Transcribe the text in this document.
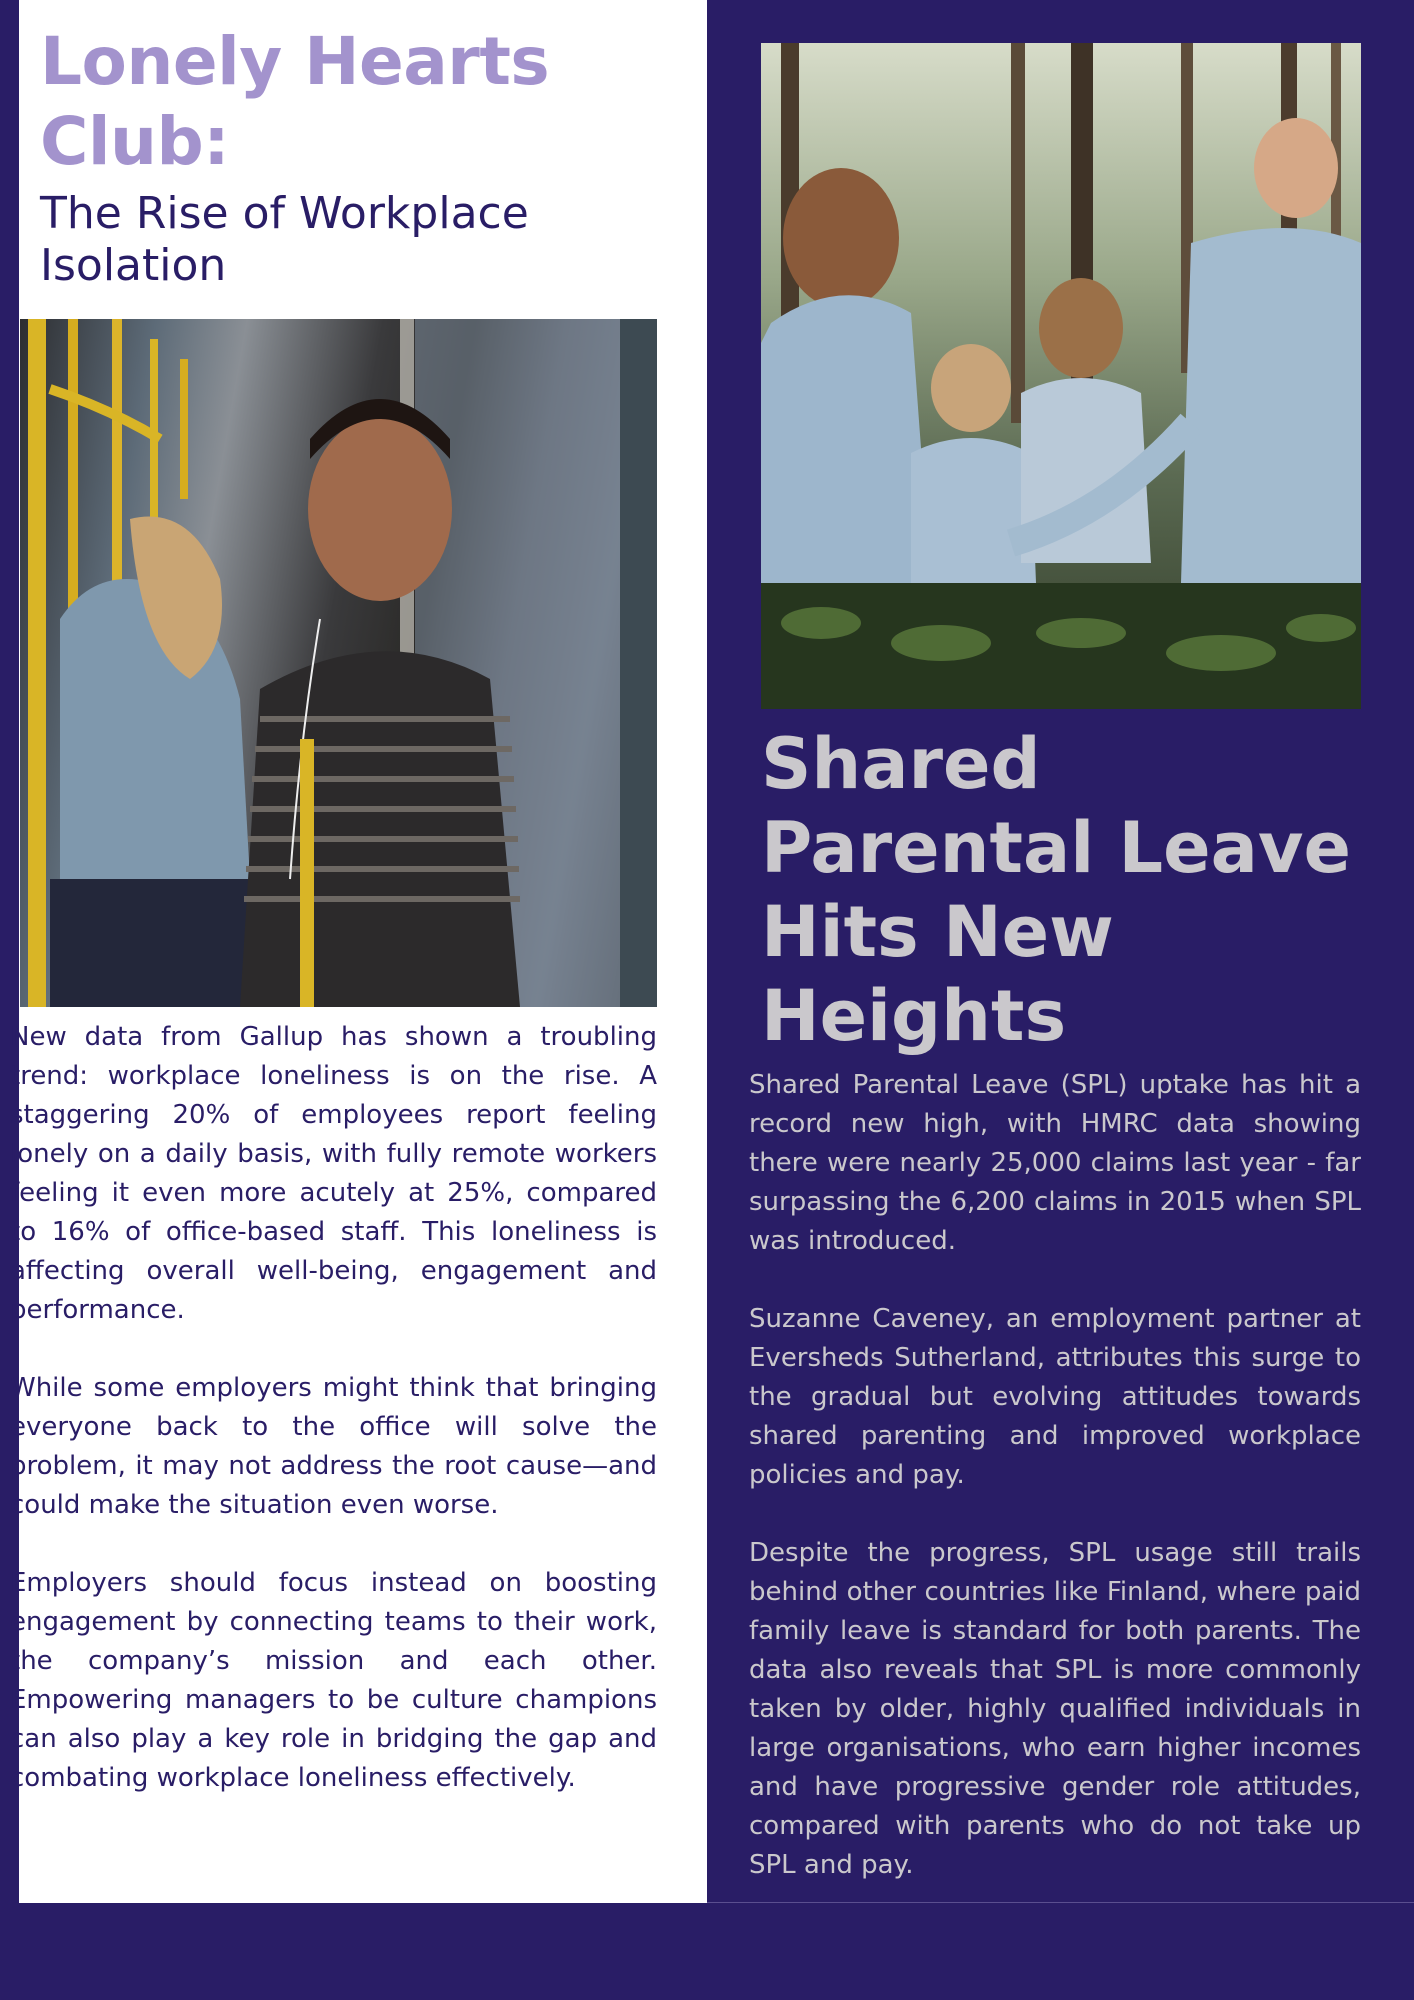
Lonely Hearts Club:
The Rise of Workplace Isolation

New data from Gallup has shown a troubling trend: workplace loneliness is on the rise. A staggering 20% of employees report feeling lonely on a daily basis, with fully remote workers feeling it even more acutely at 25%, compared to 16% of office-based staff. This loneliness is affecting overall well-being, engagement and performance.

While some employers might think that bringing everyone back to the office will solve the problem, it may not address the root cause—and could make the situation even worse.

Employers should focus instead on boosting engagement by connecting teams to their work, the company’s mission and each other. Empowering managers to be culture champions can also play a key role in bridging the gap and combating workplace loneliness effectively.

Shared Parental Leave Hits New Heights

Shared Parental Leave (SPL) uptake has hit a record new high, with HMRC data showing there were nearly 25,000 claims last year - far surpassing the 6,200 claims in 2015 when SPL was introduced.

Suzanne Caveney, an employment partner at Eversheds Sutherland, attributes this surge to the gradual but evolving attitudes towards shared parenting and improved workplace policies and pay.

Despite the progress, SPL usage still trails behind other countries like Finland, where paid family leave is standard for both parents. The data also reveals that SPL is more commonly taken by older, highly qualified individuals in large organisations, who earn higher incomes and have progressive gender role attitudes, compared with parents who do not take up SPL and pay.
